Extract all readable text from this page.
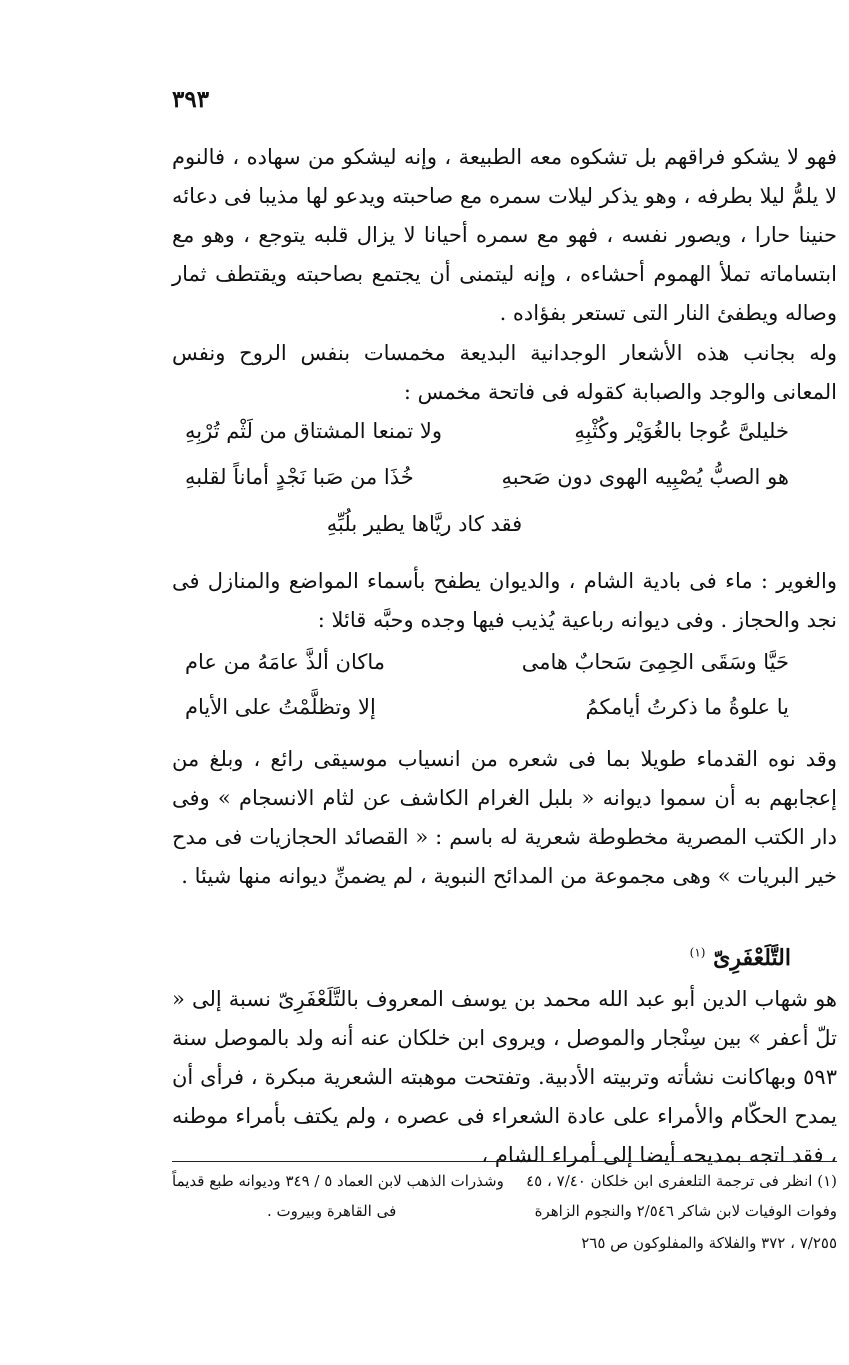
٣٩٣

فهو لا يشكو فراقهم بل تشكوه معه الطبيعة ، وإنه ليشكو من سهاده ، فالنوم لا يلمُّ ليلا بطرفه ، وهو يذكر ليلات سمره مع صاحبته ويدعو لها مذيبا فى دعائه حنينا حارا ، ويصور نفسه ، فهو مع سمره أحيانا لا يزال قلبه يتوجع ، وهو مع ابتساماته تملأ الهموم أحشاءه ، وإنه ليتمنى أن يجتمع بصاحبته ويقتطف ثمار وصاله ويطفئ النار التى تستعر بفؤاده .

وله بجانب هذه الأشعار الوجدانية البديعة مخمسات بنفس الروح ونفس المعانى والوجد والصبابة كقوله فى فاتحة مخمس :

خليلىَّ عُوجا بالغُوَيْر وكُثْبِهِ
ولا تمنعا المشتاق من لَثْم تُرْبِهِ
هو الصبُّ يُصْبِيه الهوى دون صَحبهِ
خُذَا من صَبا نَجْدٍ أماناً لقلبهِ
فقد كاد ريَّاها يطير بلُبِّهِ

والغوير : ماء فى بادية الشام ، والديوان يطفح بأسماء المواضع والمنازل فى نجد والحجاز . وفى ديوانه رباعية يُذيب فيها وجده وحبَّه قائلا :

حَيَّا وسَقَى الحِمِىَ سَحابٌ هامى
ماكان ألذَّ عامَهُ من عام
يا علوةُ ما ذكرتُ أيامكمُ
إلا وتظلَّمْتُ على الأيام

وقد نوه القدماء طويلا بما فى شعره من انسياب موسيقى رائع ، وبلغ من إعجابهم به أن سموا ديوانه « بلبل الغرام الكاشف عن لثام الانسجام » وفى دار الكتب المصرية مخطوطة شعرية له باسم : « القصائد الحجازيات فى مدح خير البريات » وهى مجموعة من المدائح النبوية ، لم يضمنِّ ديوانه منها شيئا .

التَّلَعْفَرِىّ $^{(١)}$

هو شهاب الدين أبو عبد الله محمد بن يوسف المعروف بالتَّلَعْفَرِىّ نسبة إلى « تلّ أعفر » بين سِنْجار والموصل ، ويروى ابن خلكان عنه أنه ولد بالموصل سنة ٥٩٣ وبهاكانت نشأته وتربيته الأدبية. وتفتحت موهبته الشعرية مبكرة ، فرأى أن يمدح الحكّام والأمراء على عادة الشعراء فى عصره ، ولم يكتف بأمراء موطنه ، فقد اتجه بمديحه أيضا إلى أمراء الشام ،

(١) انظر فى ترجمة التلعفرى ابن خلكان ٧/٤٠ ، ٤٥
وشذرات الذهب لابن العماد ٥ / ٣٤٩ وديوانه طبع قديماً
وفوات الوفيات لابن شاكر ٢/٥٤٦ والنجوم الزاهرة
فى القاهرة وبيروت .
٧/٢٥٥ ، ٣٧٢ والفلاكة والمفلوكون ص ٢٦٥
